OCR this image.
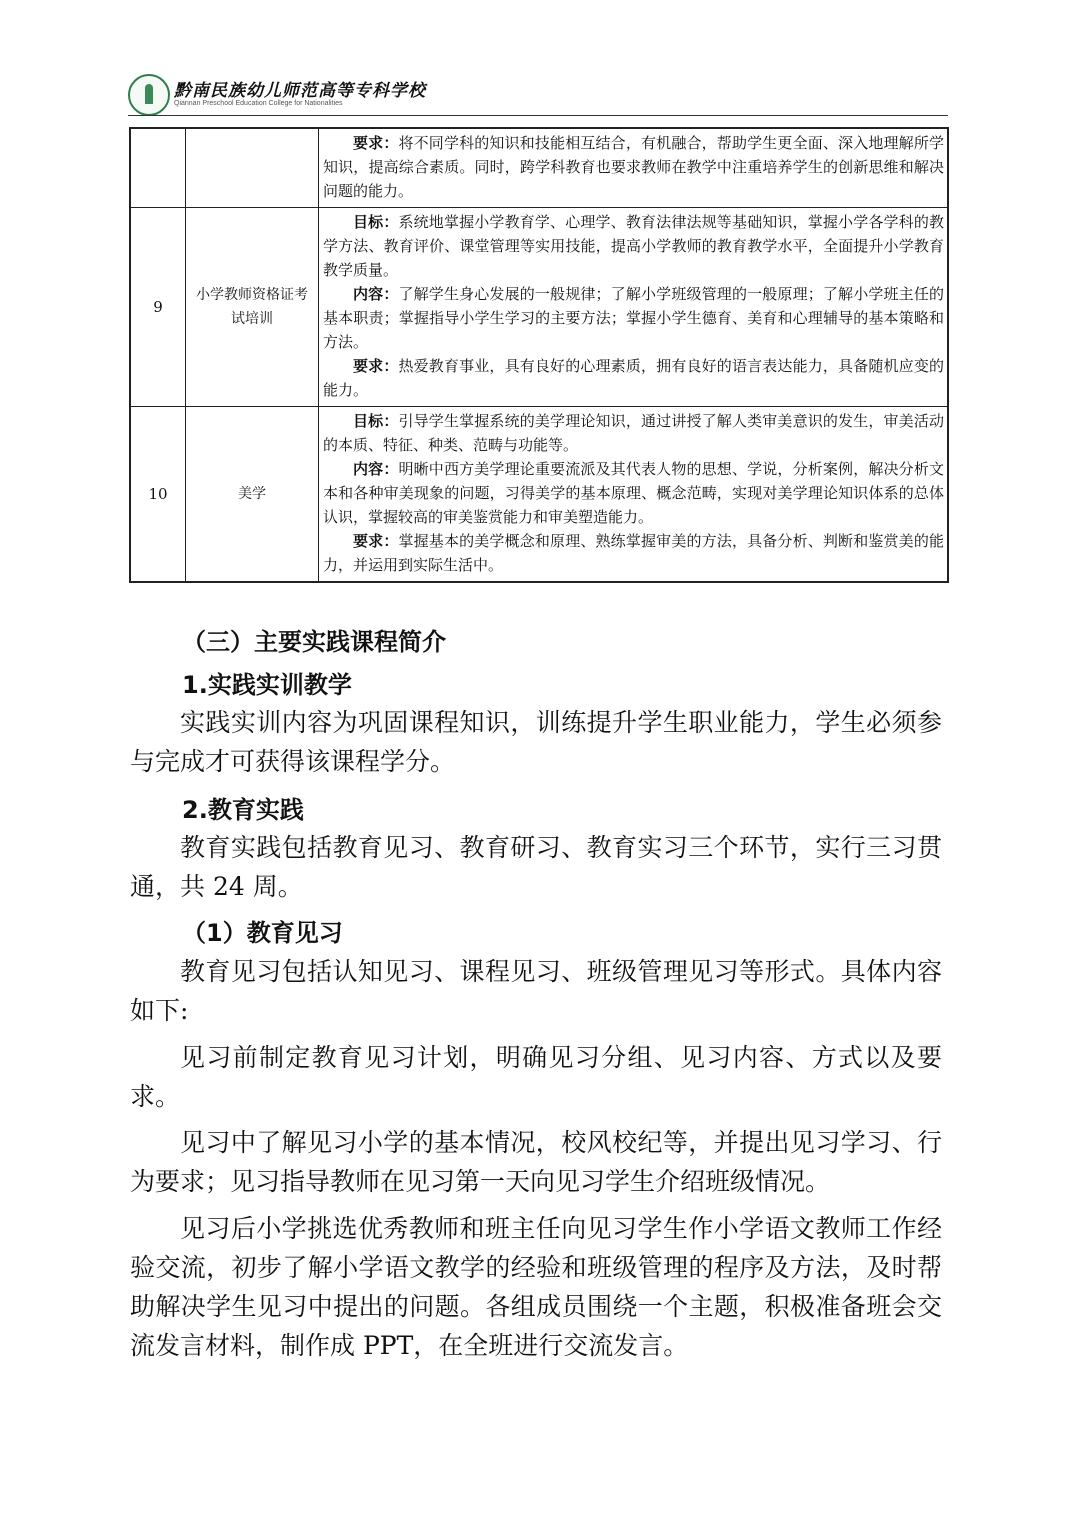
黔南民族幼儿师范高等专科学校
Qiannan Preschool Education College for Nationalities

		要求：将不同学科的知识和技能相互结合，有机融合，帮助学生更全面、深入地理解所学知识，提高综合素质。同时，跨学科教育也要求教师在教学中注重培养学生的创新思维和解决问题的能力。

9	小学教师资格证考试培训	目标：系统地掌握小学教育学、心理学、教育法律法规等基础知识，掌握小学各学科的教学方法、教育评价、课堂管理等实用技能，提高小学教师的教育教学水平，全面提升小学教育教学质量。
内容：了解学生身心发展的一般规律；了解小学班级管理的一般原理；了解小学班主任的基本职责；掌握指导小学生学习的主要方法；掌握小学生德育、美育和心理辅导的基本策略和方法。
要求：热爱教育事业，具有良好的心理素质，拥有良好的语言表达能力，具备随机应变的能力。

10	美学	目标：引导学生掌握系统的美学理论知识，通过讲授了解人类审美意识的发生，审美活动的本质、特征、种类、范畴与功能等。
内容：明晰中西方美学理论重要流派及其代表人物的思想、学说，分析案例，解决分析文本和各种审美现象的问题，习得美学的基本原理、概念范畴，实现对美学理论知识体系的总体认识，掌握较高的审美鉴赏能力和审美塑造能力。
要求：掌握基本的美学概念和原理、熟练掌握审美的方法，具备分析、判断和鉴赏美的能力，并运用到实际生活中。
（三）主要实践课程简介
1.实践实训教学
实践实训内容为巩固课程知识，训练提升学生职业能力，学生必须参与完成才可获得该课程学分。
2.教育实践
教育实践包括教育见习、教育研习、教育实习三个环节，实行三习贯通，共 24 周。
（1）教育见习
教育见习包括认知见习、课程见习、班级管理见习等形式。具体内容如下:
见习前制定教育见习计划，明确见习分组、见习内容、方式以及要求。
见习中了解见习小学的基本情况，校风校纪等，并提出见习学习、行为要求；见习指导教师在见习第一天向见习学生介绍班级情况。
见习后小学挑选优秀教师和班主任向见习学生作小学语文教师工作经验交流，初步了解小学语文教学的经验和班级管理的程序及方法，及时帮助解决学生见习中提出的问题。各组成员围绕一个主题，积极准备班会交流发言材料，制作成 PPT，在全班进行交流发言。
